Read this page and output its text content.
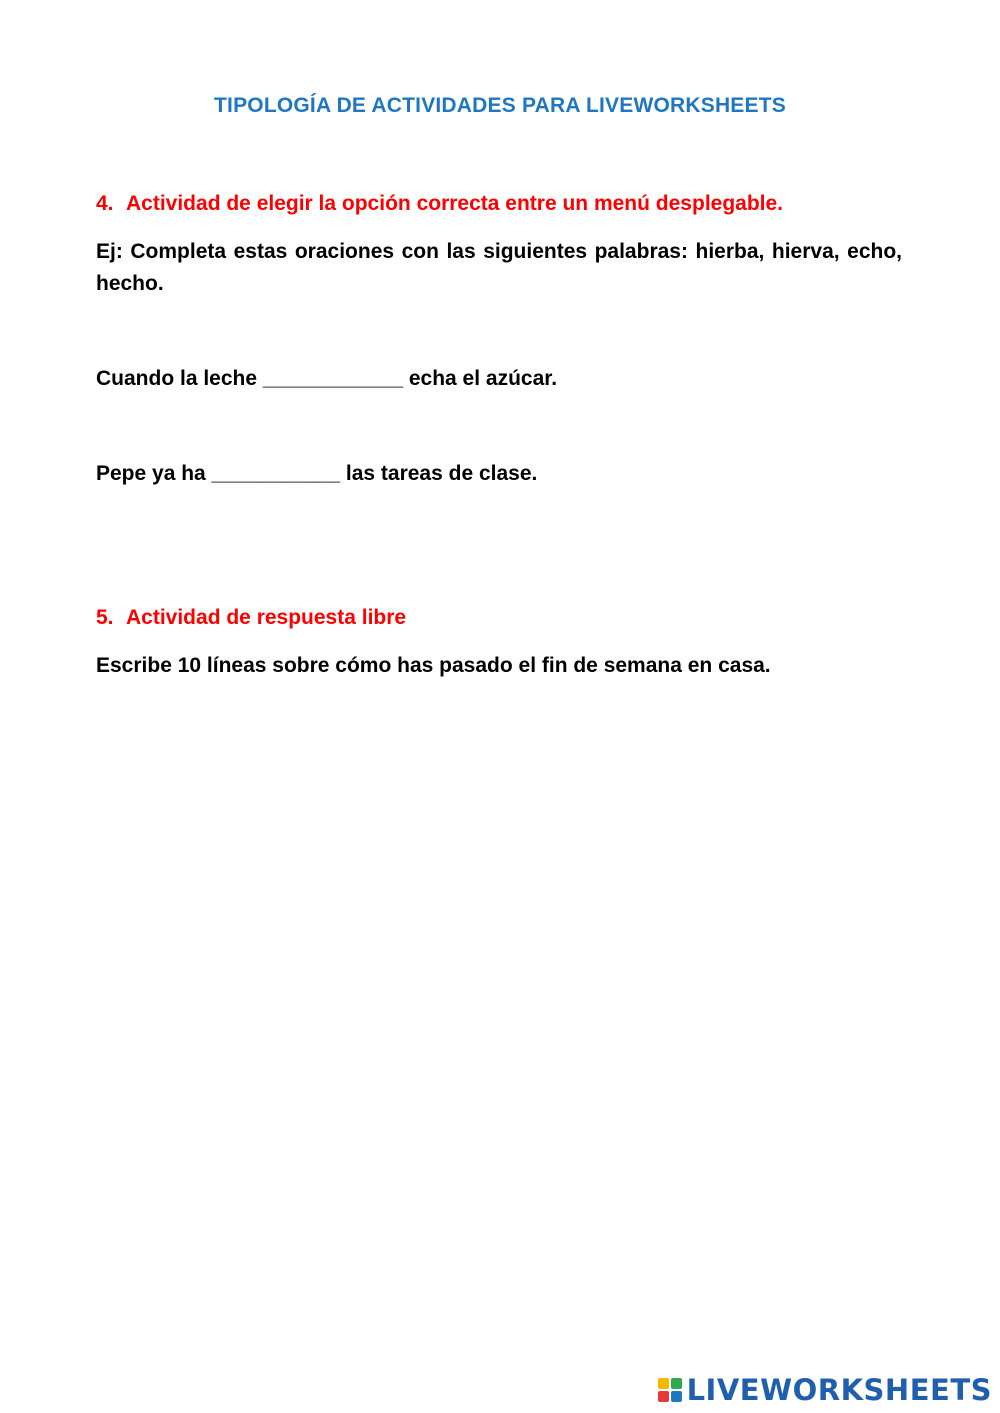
TIPOLOGÍA DE ACTIVIDADES PARA LIVEWORKSHEETS
4. Actividad de elegir la opción correcta entre un menú desplegable.
Ej: Completa estas oraciones con las siguientes palabras: hierba, hierva, echo, hecho.
Cuando la leche ____________ echa el azúcar.
Pepe ya ha ___________ las tareas de clase.
5. Actividad de respuesta libre
Escribe 10 líneas sobre cómo has pasado el fin de semana en casa.
LIVEWORKSHEETS
